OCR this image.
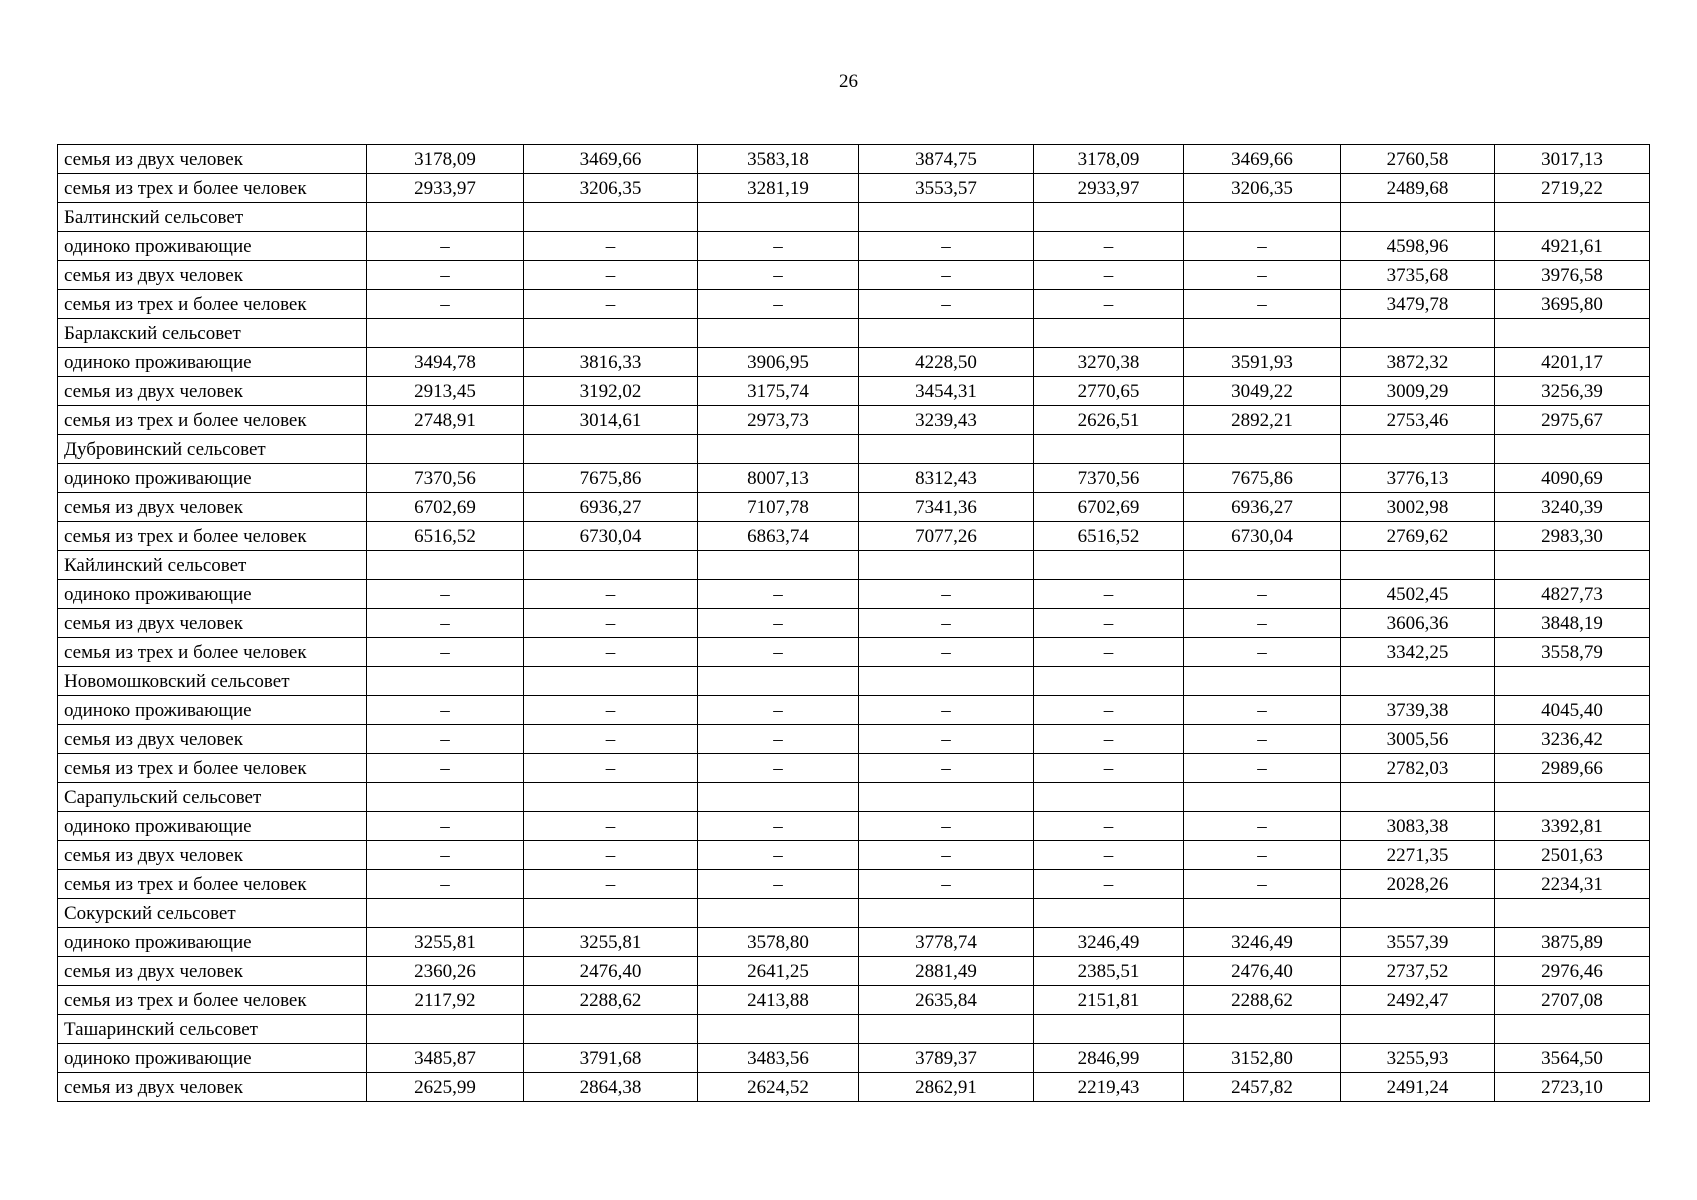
26
семья из двух человек	3178,09	3469,66	3583,18	3874,75	3178,09	3469,66	2760,58	3017,13
семья из трех и более человек	2933,97	3206,35	3281,19	3553,57	2933,97	3206,35	2489,68	2719,22
Балтинский сельсовет								
одиноко проживающие	–	–	–	–	–	–	4598,96	4921,61
семья из двух человек	–	–	–	–	–	–	3735,68	3976,58
семья из трех и более человек	–	–	–	–	–	–	3479,78	3695,80
Барлакский сельсовет								
одиноко проживающие	3494,78	3816,33	3906,95	4228,50	3270,38	3591,93	3872,32	4201,17
семья из двух человек	2913,45	3192,02	3175,74	3454,31	2770,65	3049,22	3009,29	3256,39
семья из трех и более человек	2748,91	3014,61	2973,73	3239,43	2626,51	2892,21	2753,46	2975,67
Дубровинский сельсовет								
одиноко проживающие	7370,56	7675,86	8007,13	8312,43	7370,56	7675,86	3776,13	4090,69
семья из двух человек	6702,69	6936,27	7107,78	7341,36	6702,69	6936,27	3002,98	3240,39
семья из трех и более человек	6516,52	6730,04	6863,74	7077,26	6516,52	6730,04	2769,62	2983,30
Кайлинский сельсовет								
одиноко проживающие	–	–	–	–	–	–	4502,45	4827,73
семья из двух человек	–	–	–	–	–	–	3606,36	3848,19
семья из трех и более человек	–	–	–	–	–	–	3342,25	3558,79
Новомошковский сельсовет								
одиноко проживающие	–	–	–	–	–	–	3739,38	4045,40
семья из двух человек	–	–	–	–	–	–	3005,56	3236,42
семья из трех и более человек	–	–	–	–	–	–	2782,03	2989,66
Сарапульский сельсовет								
одиноко проживающие	–	–	–	–	–	–	3083,38	3392,81
семья из двух человек	–	–	–	–	–	–	2271,35	2501,63
семья из трех и более человек	–	–	–	–	–	–	2028,26	2234,31
Сокурский сельсовет								
одиноко проживающие	3255,81	3255,81	3578,80	3778,74	3246,49	3246,49	3557,39	3875,89
семья из двух человек	2360,26	2476,40	2641,25	2881,49	2385,51	2476,40	2737,52	2976,46
семья из трех и более человек	2117,92	2288,62	2413,88	2635,84	2151,81	2288,62	2492,47	2707,08
Ташаринский сельсовет								
одиноко проживающие	3485,87	3791,68	3483,56	3789,37	2846,99	3152,80	3255,93	3564,50
семья из двух человек	2625,99	2864,38	2624,52	2862,91	2219,43	2457,82	2491,24	2723,10
